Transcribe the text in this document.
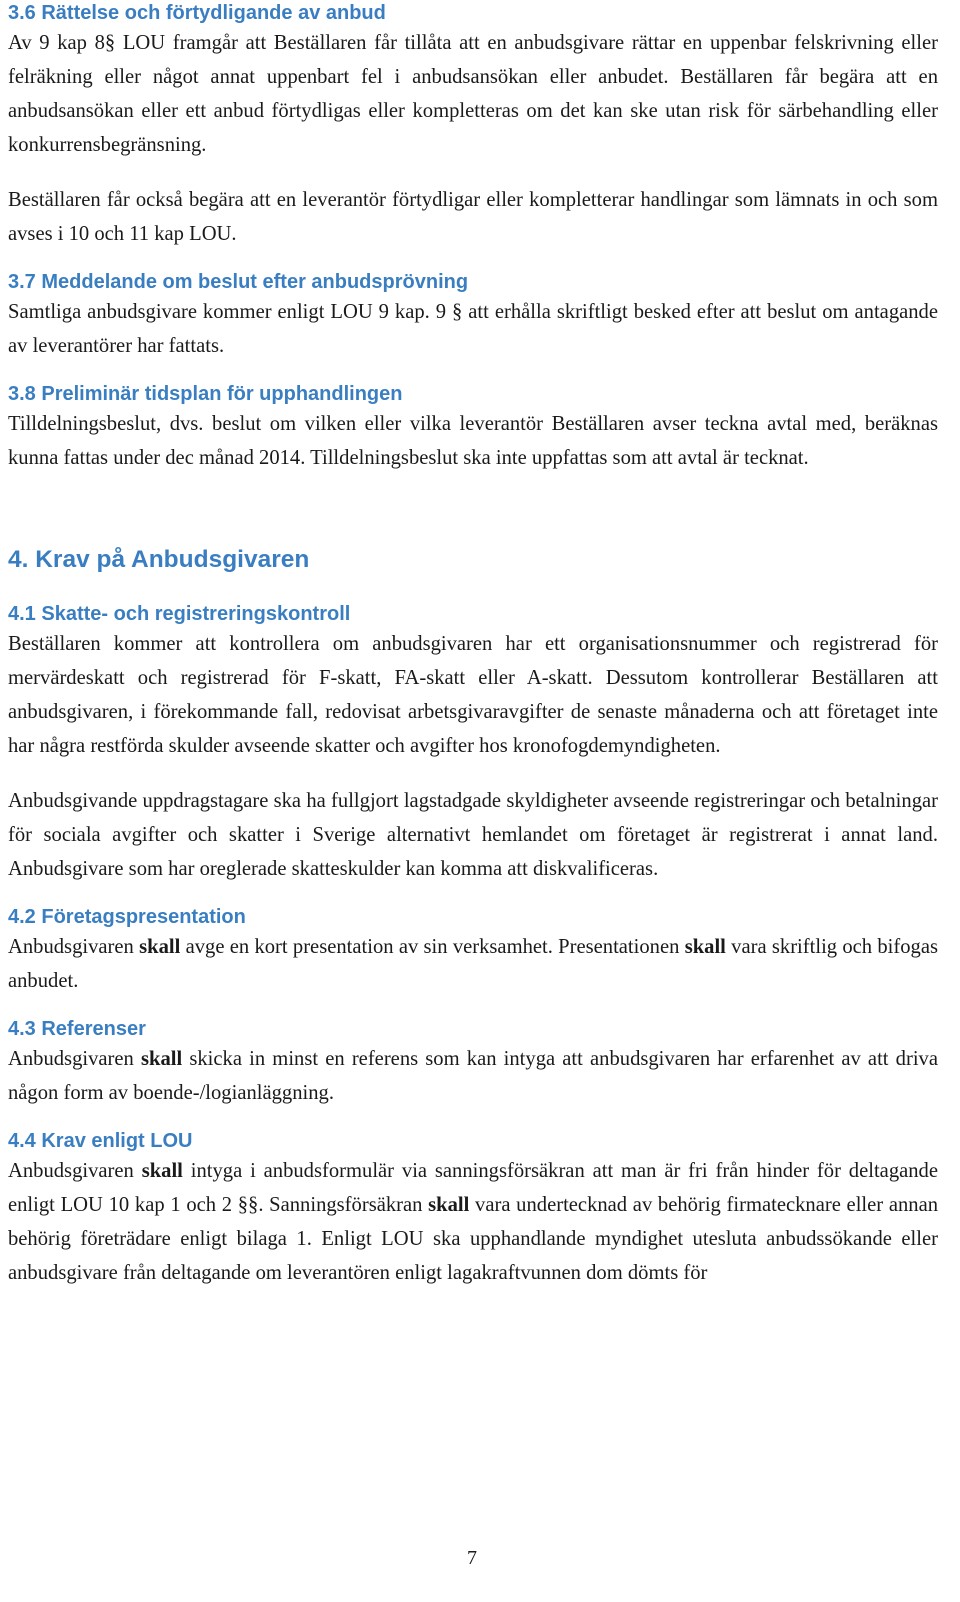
3.6 Rättelse och förtydligande av anbud
Av 9 kap 8§ LOU framgår att Beställaren får tillåta att en anbudsgivare rättar en uppenbar felskrivning eller felräkning eller något annat uppenbart fel i anbudsansökan eller anbudet. Beställaren får begära att en anbudsansökan eller ett anbud förtydligas eller kompletteras om det kan ske utan risk för särbehandling eller konkurrensbegränsning.
Beställaren får också begära att en leverantör förtydligar eller kompletterar handlingar som lämnats in och som avses i 10 och 11 kap LOU.
3.7 Meddelande om beslut efter anbudsprövning
Samtliga anbudsgivare kommer enligt LOU 9 kap. 9 § att erhålla skriftligt besked efter att beslut om antagande av leverantörer har fattats.
3.8 Preliminär tidsplan för upphandlingen
Tilldelningsbeslut, dvs. beslut om vilken eller vilka leverantör Beställaren avser teckna avtal med, beräknas kunna fattas under dec månad 2014. Tilldelningsbeslut ska inte uppfattas som att avtal är tecknat.
4. Krav på Anbudsgivaren
4.1 Skatte- och registreringskontroll
Beställaren kommer att kontrollera om anbudsgivaren har ett organisationsnummer och registrerad för mervärdeskatt och registrerad för F-skatt, FA-skatt eller A-skatt. Dessutom kontrollerar Beställaren att anbudsgivaren, i förekommande fall, redovisat arbetsgivaravgifter de senaste månaderna och att företaget inte har några restförda skulder avseende skatter och avgifter hos kronofogdemyndigheten.
Anbudsgivande uppdragstagare ska ha fullgjort lagstadgade skyldigheter avseende registreringar och betalningar för sociala avgifter och skatter i Sverige alternativt hemlandet om företaget är registrerat i annat land. Anbudsgivare som har oreglerade skatteskulder kan komma att diskvalificeras.
4.2 Företagspresentation
Anbudsgivaren skall avge en kort presentation av sin verksamhet. Presentationen skall vara skriftlig och bifogas anbudet.
4.3 Referenser
Anbudsgivaren skall skicka in minst en referens som kan intyga att anbudsgivaren har erfarenhet av att driva någon form av boende-/logianläggning.
4.4 Krav enligt LOU
Anbudsgivaren skall intyga i anbudsformulär via sanningsförsäkran att man är fri från hinder för deltagande enligt LOU 10 kap 1 och 2 §§. Sanningsförsäkran skall vara undertecknad av behörig firmatecknare eller annan behörig företrädare enligt bilaga 1. Enligt LOU ska upphandlande myndighet utesluta anbudssökande eller anbudsgivare från deltagande om leverantören enligt lagakraftvunnen dom dömts för
7
